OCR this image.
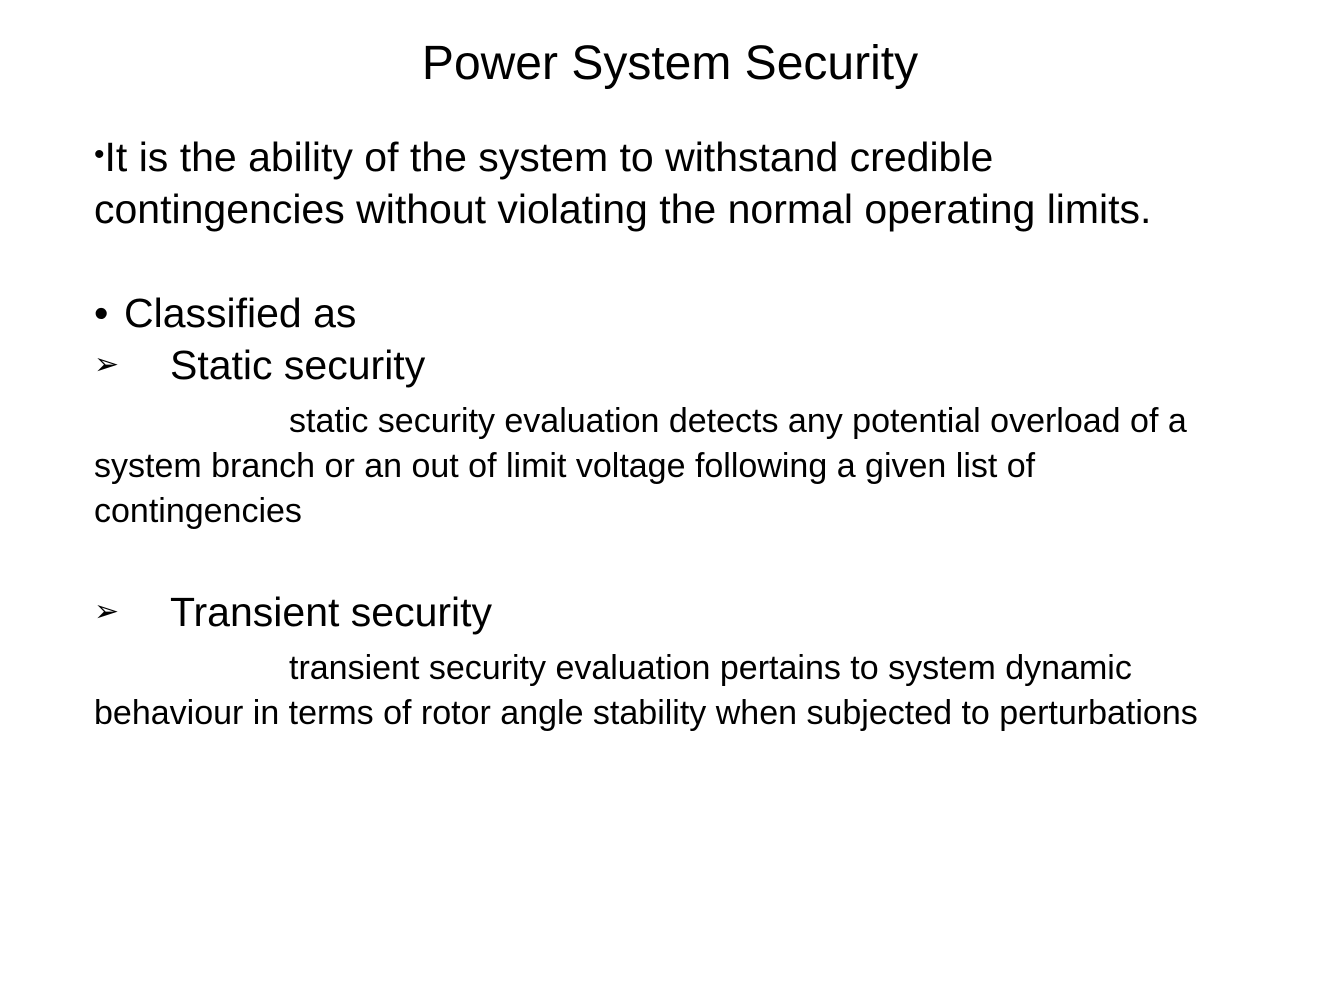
Power System Security

•It is the ability of the system to withstand credible contingencies without violating the normal operating limits.

• Classified as

➢ Static security

static security evaluation detects any potential overload of a system branch or an out of limit voltage following a given list of contingencies

➢ Transient security

transient security evaluation pertains to system dynamic behaviour in terms of rotor angle stability when subjected to perturbations
